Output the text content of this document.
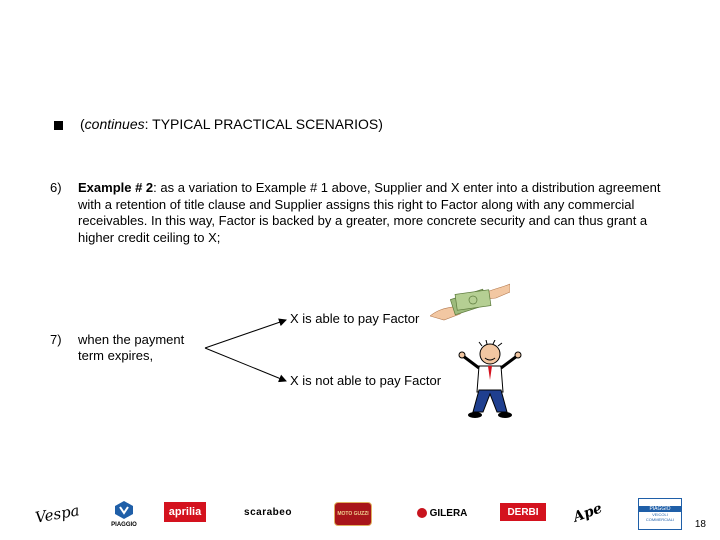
(continues: TYPICAL PRACTICAL SCENARIOS)
6) Example # 2: as a variation to Example # 1 above, Supplier and X enter into a distribution agreement with a retention of title clause and Supplier assigns this right to Factor along with any commercial receivables. In this way, Factor is backed by a greater, more concrete security and can thus grant a higher credit ceiling to X;
7) when the payment
term expires,
X is able to pay Factor
X is not able to pay Factor
Vespa	PIAGGIO
aprilia	scarabeo	MOTO GUZZI	GILERA	DERBI Ape	PIAGGIO
VEICOLI COMMERCIALI	18
